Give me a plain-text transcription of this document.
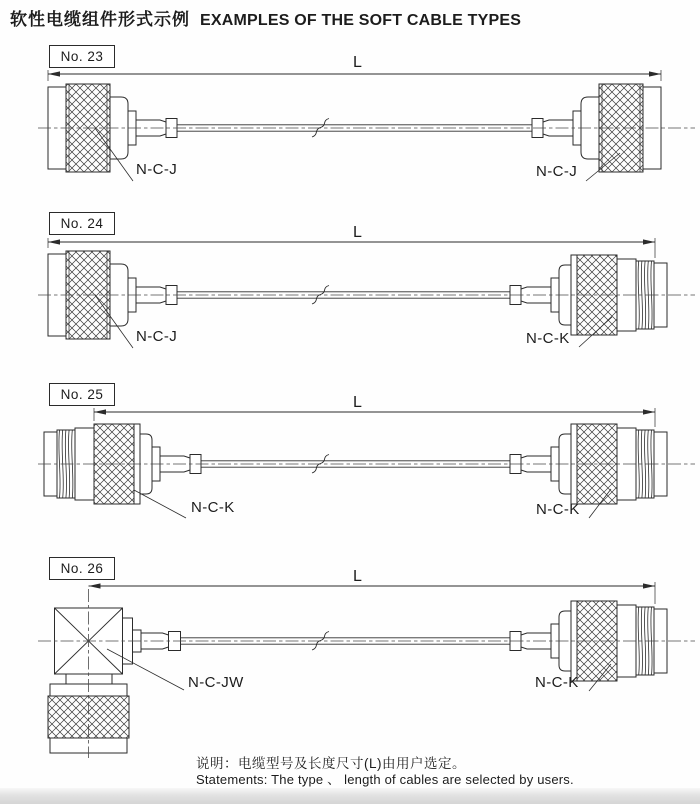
软性电缆组件形式示例 EXAMPLES OF THE SOFT CABLE TYPES
No. 23	L
N-C-J	N-C-J
No. 24
L
N-C-J	N-C-K
No. 25	L
N-C-K	N-C-K
No. 26	L
N-C-JW	N-C-K
说明：电缆型号及长度尺寸(L)由用户选定。
Statements: The type 、 length of cables are selected by users.
